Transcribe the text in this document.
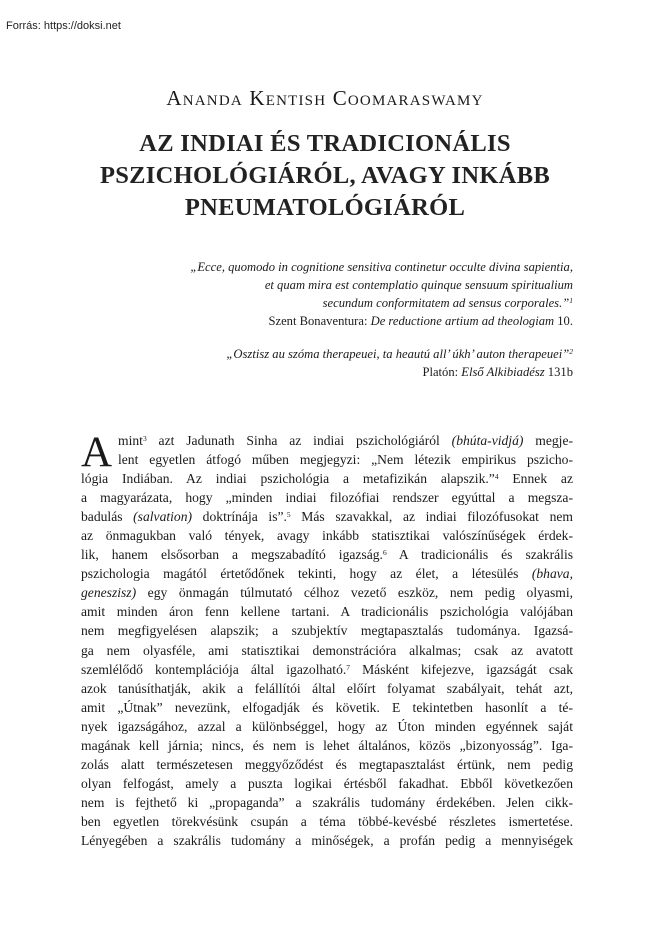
Forrás: https://doksi.net
Ananda Kentish Coomaraswamy
AZ INDIAI ÉS TRADICIONÁLIS
PSZICHOLÓGIÁRÓL, AVAGY INKÁBB
PNEUMATOLÓGIÁRÓL
„Ecce, quomodo in cognitione sensitiva continetur occulte divina sapientia,
et quam mira est contemplatio quinque sensuum spiritualium
secundum conformitatem ad sensus corporales.”$^1$
Szent Bonaventura: De reductione artium ad theologiam 10.
„Osztisz au szóma therapeuei, ta heautú all’ úkh’ auton therapeuei”$^2$
Platón: Első Alkibiadész 131b
A mint$^3$ azt Jadunath Sinha az indiai pszichológiáról (bhúta-vidjá) megje-
lent egyetlen átfogó műben megjegyzi: „Nem létezik empirikus pszicho-
lógia Indiában. Az indiai pszichológia a metafizikán alapszik.”$^4$ Ennek az
a magyarázata, hogy „minden indiai filozófiai rendszer egyúttal a megsza-
badulás (salvation) doktrínája is”.$^5$ Más szavakkal, az indiai filozófusokat nem
az önmagukban való tények, avagy inkább statisztikai valószínűségek érdek-
lik, hanem elsősorban a megszabadító igazság.$^6$ A tradicionális és szakrális
pszichologia magától értetődőnek tekinti, hogy az élet, a létesülés (bhava,
geneszisz) egy önmagán túlmutató célhoz vezető eszköz, nem pedig olyasmi,
amit minden áron fenn kellene tartani. A tradicionális pszichológia valójában
nem megfigyelésen alapszik; a szubjektív megtapasztalás tudománya. Igazsá-
ga nem olyasféle, ami statisztikai demonstrációra alkalmas; csak az avatott
szemlélődő kontemplációja által igazolható.$^7$ Másként kifejezve, igazságát csak
azok tanúsíthatják, akik a felállítói által előírt folyamat szabályait, tehát azt,
amit „Útnak” nevezünk, elfogadják és követik. E tekintetben hasonlít a té-
nyek igazságához, azzal a különbséggel, hogy az Úton minden egyénnek saját
magának kell járnia; nincs, és nem is lehet általános, közös „bizonyosság”. Iga-
zolás alatt természetesen meggyőződést és megtapasztalást értünk, nem pedig
olyan felfogást, amely a puszta logikai értésből fakadhat. Ebből következően
nem is fejthető ki „propaganda” a szakrális tudomány érdekében. Jelen cikk-
ben egyetlen törekvésünk csupán a téma többé-kevésbé részletes ismertetése.
Lényegében a szakrális tudomány a minőségek, a profán pedig a mennyiségek
